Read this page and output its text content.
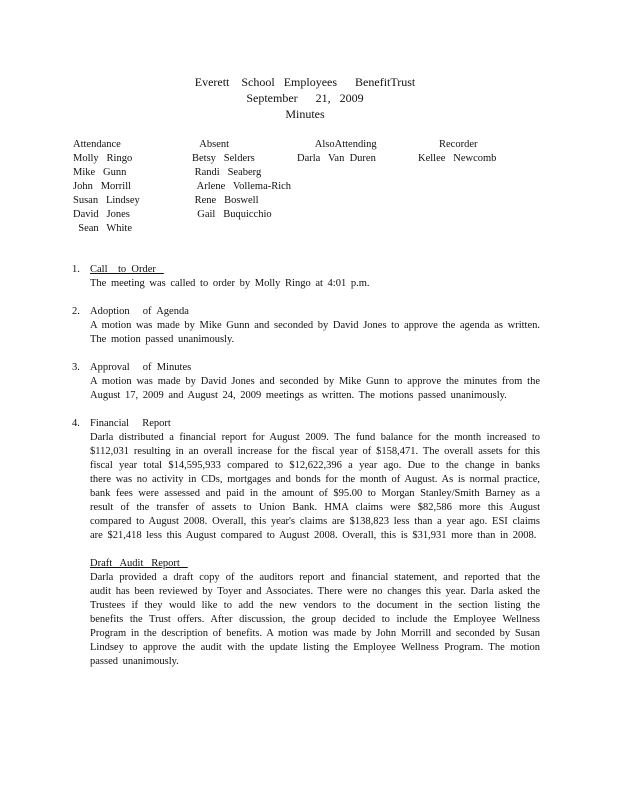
Everett    School   Employees      BenefitTrust
September      21,   2009
Minutes
Attendance
Molly   Ringo
Mike   Gunn
John   Morrill
Susan   Lindsey
David   Jones
Sean   White
Absent
Betsy   Selders
Randi   Seaberg
Arlene   Vollema-Rich
Rene   Boswell
Gail   Buquicchio
AlsoAttending
Darla   Van  Duren
Recorder
Kellee   Newcomb
1. Call    to  Order
The meeting was called to order by Molly Ringo at 4:01 p.m.
2. Adoption     of  Agenda
A motion was made by Mike Gunn and seconded by David Jones to approve the agenda as written. The motion passed unanimously.
3. Approval     of  Minutes
A motion was made by David Jones and seconded by Mike Gunn to approve the minutes from the August 17, 2009 and August 24, 2009 meetings as written. The motions passed unanimously.
4. Financial     Report
Darla distributed a financial report for August 2009. The fund balance for the month increased to $112,031 resulting in an overall increase for the fiscal year of $158,471. The overall assets for this fiscal year total $14,595,933 compared to $12,622,396 a year ago. Due to the change in banks there was no activity in CDs, mortgages and bonds for the month of August. As is normal practice, bank fees were assessed and paid in the amount of $95.00 to Morgan Stanley/Smith Barney as a result of the transfer of assets to Union Bank. HMA claims were $82,586 more this August compared to August 2008. Overall, this year's claims are $138,823 less than a year ago. ESI claims are $21,418 less this August compared to August 2008. Overall, this is $31,931 more than in 2008.
Draft   Audit   Report
Darla provided a draft copy of the auditors report and financial statement, and reported that the audit has been reviewed by Toyer and Associates. There were no changes this year. Darla asked the Trustees if they would like to add the new vendors to the document in the section listing the benefits the Trust offers. After discussion, the group decided to include the Employee Wellness Program in the description of benefits. A motion was made by John Morrill and seconded by Susan Lindsey to approve the audit with the update listing the Employee Wellness Program. The motion passed unanimously.
